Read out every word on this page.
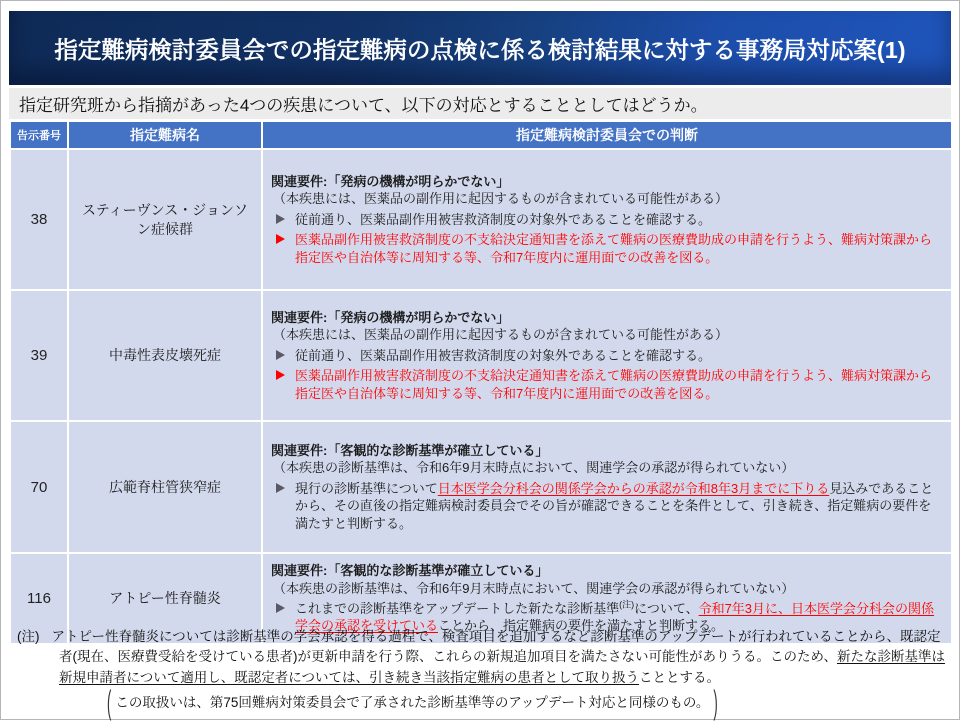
指定難病検討委員会での指定難病の点検に係る検討結果に対する事務局対応案(1)
指定研究班から指摘があった4つの疾患について、以下の対応とすることとしてはどうか。
告示番号	指定難病名	指定難病検討委員会での判断
38	スティーヴンス・ジョンソン症候群	関連要件:「発病の機構が明らかでない」
（本疾患には、医薬品の副作用に起因するものが含まれている可能性がある）
従前通り、医薬品副作用被害救済制度の対象外であることを確認する。
医薬品副作用被害救済制度の不支給決定通知書を添えて難病の医療費助成の申請を行うよう、難病対策課から指定医や自治体等に周知する等、令和7年度内に運用面での改善を図る。

39	中毒性表皮壊死症	関連要件:「発病の機構が明らかでない」
（本疾患には、医薬品の副作用に起因するものが含まれている可能性がある）
従前通り、医薬品副作用被害救済制度の対象外であることを確認する。
医薬品副作用被害救済制度の不支給決定通知書を添えて難病の医療費助成の申請を行うよう、難病対策課から指定医や自治体等に周知する等、令和7年度内に運用面での改善を図る。

70	広範脊柱管狭窄症	関連要件:「客観的な診断基準が確立している」
（本疾患の診断基準は、令和6年9月末時点において、関連学会の承認が得られていない）
現行の診断基準について日本医学会分科会の関係学会からの承認が令和8年3月までに下りる見込みであることから、その直後の指定難病検討委員会でその旨が確認できることを条件として、引き続き、指定難病の要件を満たすと判断する。

116	アトピー性脊髄炎	関連要件:「客観的な診断基準が確立している」
（本疾患の診断基準は、令和6年9月末時点において、関連学会の承認が得られていない）
これまでの診断基準をアップデートした新たな診断基準$^{(注)}$について、令和7年3月に、日本医学会分科会の関係学会の承認を受けていることから、指定難病の要件を満たすと判断する。

(注) アトピー性脊髄炎については診断基準の学会承認を得る過程で、検査項目を追加するなど診断基準のアップデートが行われていることから、既認定者(現在、医療費受給を受けている患者)が更新申請を行う際、これらの新規追加項目を満たさない可能性がありうる。このため、新たな診断基準は新規申請者について適用し、既認定者については、引き続き当該指定難病の患者として取り扱うこととする。

( この取扱いは、第75回難病対策委員会で了承された診断基準等のアップデート対応と同様のもの。 )
